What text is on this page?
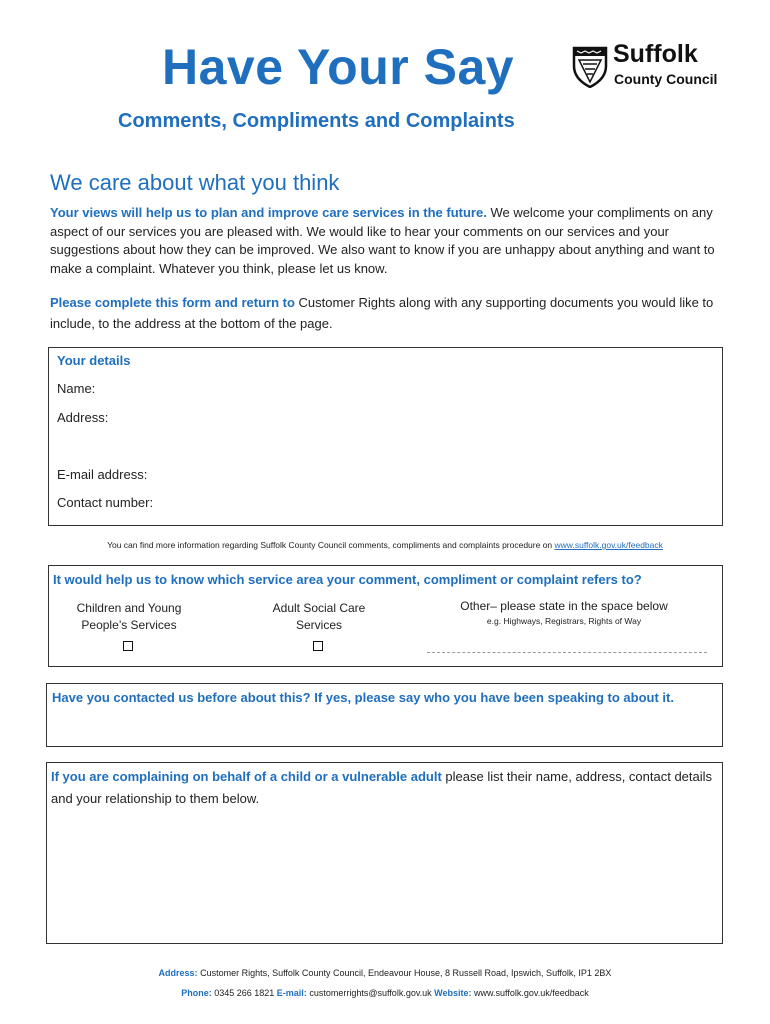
Have Your Say	Suffolk
County Council
Comments, Compliments and Complaints
We care about what you think
Your views will help us to plan and improve care services in the future. We welcome your compliments on any aspect of our services you are pleased with. We would like to hear your comments on our services and your suggestions about how they can be improved. We also want to know if you are unhappy about anything and want to make a complaint. Whatever you think, please let us know.
Please complete this form and return to Customer Rights along with any supporting documents you would like to include, to the address at the bottom of the page.
Your details
Name:
Address:
E-mail address:
Contact number:
You can find more information regarding Suffolk County Council comments, compliments and complaints procedure on www.suffolk.gov.uk/feedback
It would help us to know which service area your comment, compliment or complaint refers to?
Children and Young
People’s Services
Adult Social Care
Services
Other– please state in the space below
e.g. Highways, Registrars, Rights of Way
Have you contacted us before about this? If yes, please say who you have been speaking to about it.
If you are complaining on behalf of a child or a vulnerable adult please list their name, address, contact details and your relationship to them below.
Address: Customer Rights, Suffolk County Council, Endeavour House, 8 Russell Road, Ipswich, Suffolk, IP1 2BX
Phone: 0345 266 1821 E-mail: customerrights@suffolk.gov.uk Website: www.suffolk.gov.uk/feedback
